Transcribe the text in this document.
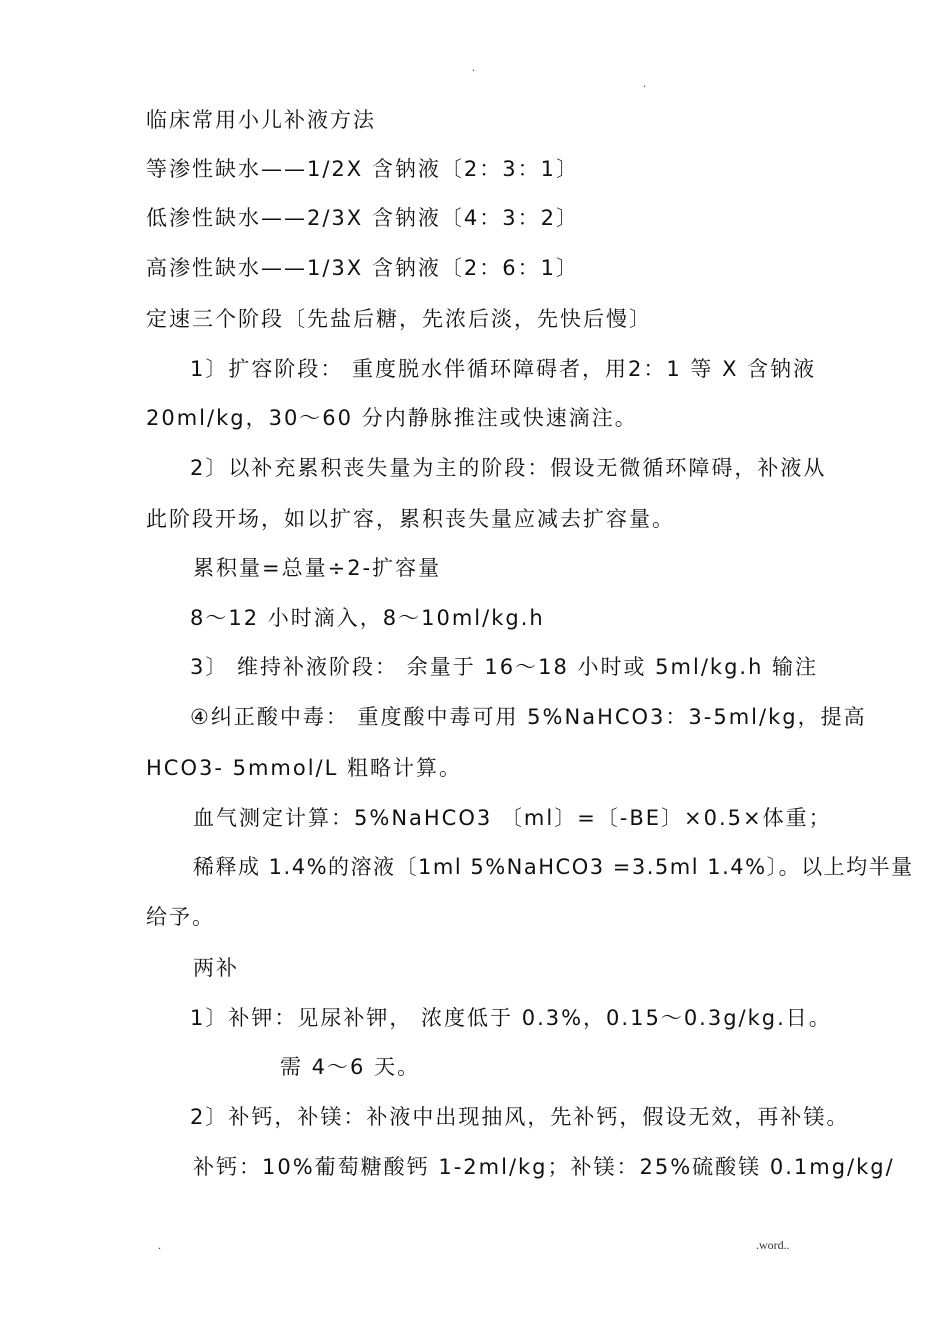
.
.
临床常用小儿补液方法
等渗性缺水——1/2X 含钠液〔2：3：1〕
低渗性缺水——2/3X 含钠液〔4：3：2〕
高渗性缺水——1/3X 含钠液〔2：6：1〕
定速三个阶段〔先盐后糖，先浓后淡，先快后慢〕
1〕扩容阶段： 重度脱水伴循环障碍者，用2：1 等 X 含钠液
20ml/kg，30～60 分内静脉推注或快速滴注。
2〕以补充累积丧失量为主的阶段：假设无微循环障碍，补液从
此阶段开场，如以扩容，累积丧失量应减去扩容量。
累积量=总量÷2-扩容量
8～12 小时滴入，8～10ml/kg.h
3〕 维持补液阶段： 余量于 16～18 小时或 5ml/kg.h 输注
④纠正酸中毒： 重度酸中毒可用 5%NaHCO3：3-5ml/kg，提高
HCO3- 5mmol/L 粗略计算。
血气测定计算：5%NaHCO3 〔ml〕=〔-BE〕×0.5×体重；
稀释成 1.4%的溶液〔1ml 5%NaHCO3 =3.5ml 1.4%〕。以上均半量
给予。
两补
1〕补钾：见尿补钾， 浓度低于 0.3%，0.15～0.3g/kg.日。
需 4～6 天。
2〕补钙，补镁：补液中出现抽风，先补钙，假设无效，再补镁。
补钙：10%葡萄糖酸钙 1-2ml/kg；补镁：25%硫酸镁 0.1mg/kg/
.	.word..
